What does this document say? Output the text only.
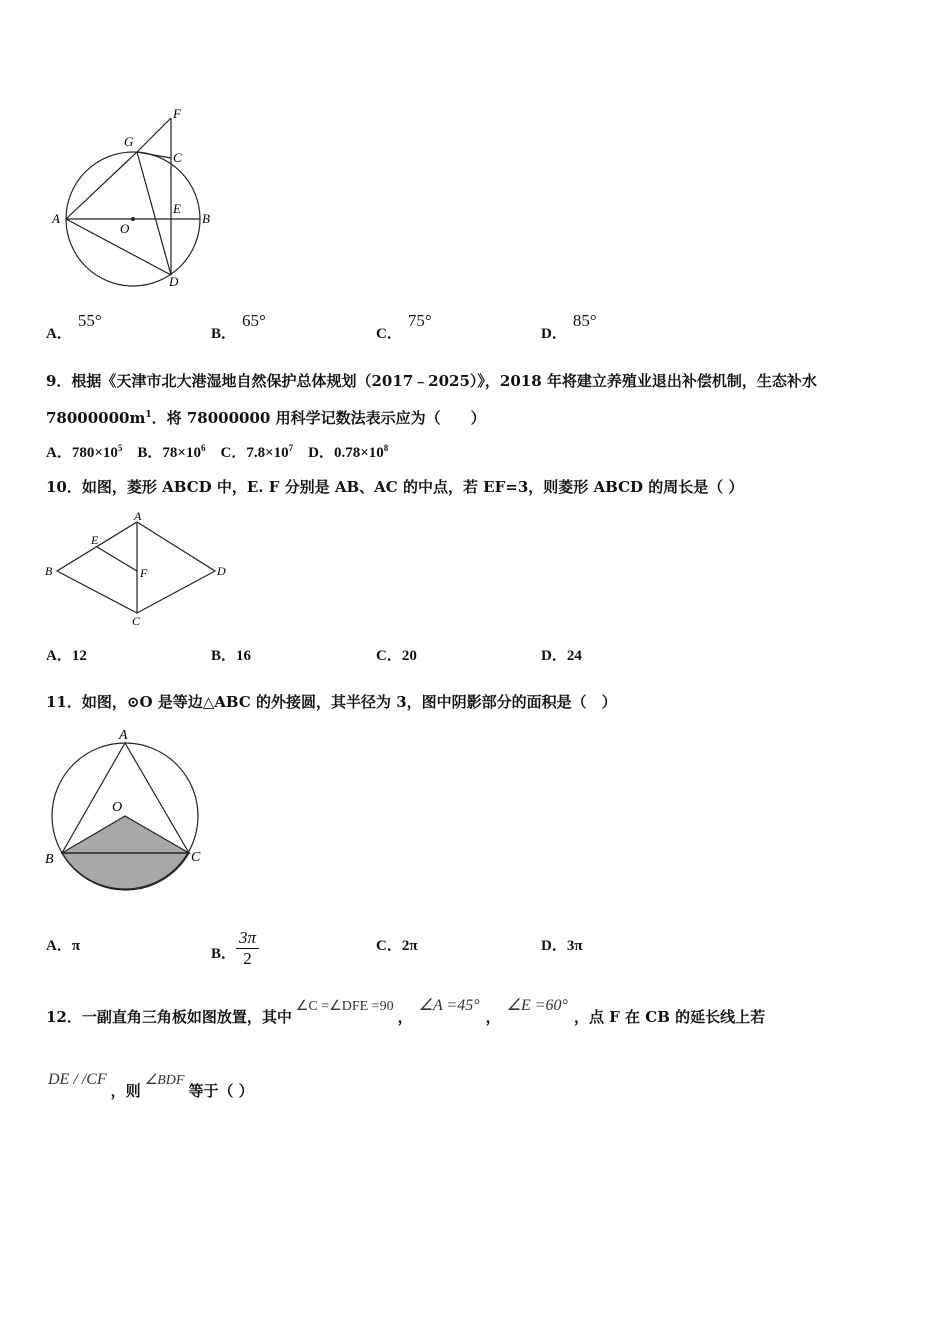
F
G
C
A
O
E
B
D
A．55°
B．65°
C．75°
D．85°
9．根据《天津市北大港湿地自然保护总体规划（2017﹣2025）》，2018 年将建立养殖业退出补偿机制，生态补水
$78000000m^1$．将 78000000 用科学记数法表示应为（　　）
A．$780\times 10^5$ B．$78\times 10^6$ C．$7.8\times 10^7$ D．$0.78\times 10^8$
10．如图，菱形 ABCD 中，E. F 分别是 AB、AC 的中点，若 EF=3，则菱形 ABCD 的周长是（ ）
A
E
B	F	D
C
A．12	B．16	C．20	D．24
11．如图，⊙O 是等边△ABC 的外接圆，其半径为 3，图中阴影部分的面积是（　）
A
O
B	C
A．π	B． $\frac{3\pi}{2}$	C．2π	D．3π
12．一副直角三角板如图放置，其中∠C =∠DFE =90，∠A =45°，∠E =60°，点 F 在 CB 的延长线上若
DE / /CF，则∠BDF等于（ ）
